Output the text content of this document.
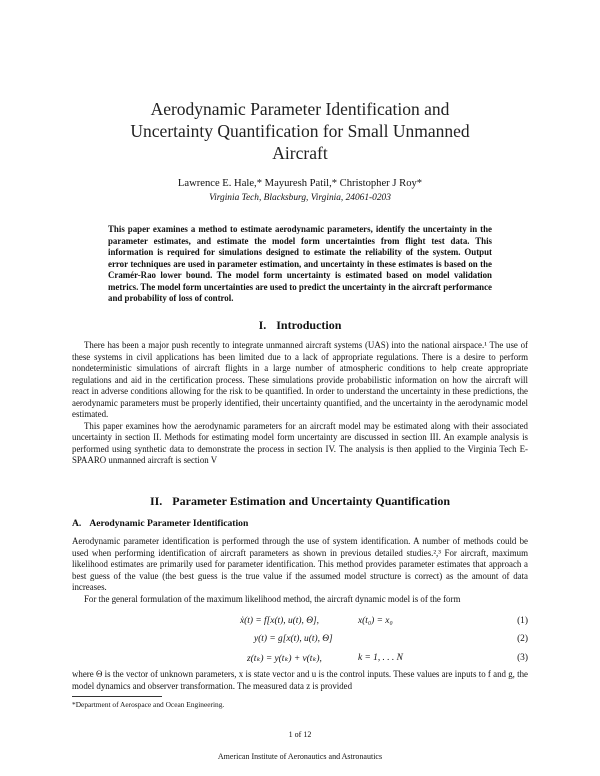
Aerodynamic Parameter Identification and
Uncertainty Quantification for Small Unmanned
Aircraft
Lawrence E. Hale,* Mayuresh Patil,* Christopher J Roy*
Virginia Tech, Blacksburg, Virginia, 24061-0203
This paper examines a method to estimate aerodynamic parameters, identify the uncertainty in the parameter estimates, and estimate the model form uncertainties from flight test data. This information is required for simulations designed to estimate the reliability of the system. Output error techniques are used in parameter estimation, and uncertainty in these estimates is based on the Cramér-Rao lower bound. The model form uncertainty is estimated based on model validation metrics. The model form uncertainties are used to predict the uncertainty in the aircraft performance and probability of loss of control.
I. Introduction

There has been a major push recently to integrate unmanned aircraft systems (UAS) into the national airspace.¹ The use of these systems in civil applications has been limited due to a lack of appropriate regulations. There is a desire to perform nondeterministic simulations of aircraft flights in a large number of atmospheric conditions to help create appropriate regulations and aid in the certification process. These simulations provide probabilistic information on how the aircraft will react in adverse conditions allowing for the risk to be quantified. In order to understand the uncertainty in these predictions, the aerodynamic parameters must be properly identified, their uncertainty quantified, and the uncertainty in the aerodynamic model estimated.

This paper examines how the aerodynamic parameters for an aircraft model may be estimated along with their associated uncertainty in section II. Methods for estimating model form uncertainty are discussed in section III. An example analysis is performed using synthetic data to demonstrate the process in section IV. The analysis is then applied to the Virginia Tech E-SPAARO unmanned aircraft is section V

II. Parameter Estimation and Uncertainty Quantification
A. Aerodynamic Parameter Identification

Aerodynamic parameter identification is performed through the use of system identification. A number of methods could be used when performing identification of aircraft parameters as shown in previous detailed studies.²,³ For aircraft, maximum likelihood estimates are primarily used for parameter identification. This method provides parameter estimates that approach a best guess of the value (the best guess is the true value if the assumed model structure is correct) as the amount of data increases.

For the general formulation of the maximum likelihood method, the aircraft dynamic model is of the form

ẋ(t) = f[x(t), u(t), Θ],	x(t₀) = x₀	(1)
y(t) = g[x(t), u(t), Θ]	(2)
z(tₖ) = y(tₖ) + v(tₖ),	k = 1, . . . N	(3)
*Department of Aerospace and Ocean Engineering.
1 of 12
American Institute of Aeronautics and Astronautics
where Θ is the vector of unknown parameters, x is state vector and u is the control inputs. These values are inputs to f and g, the model dynamics and observer transformation. The measured data z is provided
